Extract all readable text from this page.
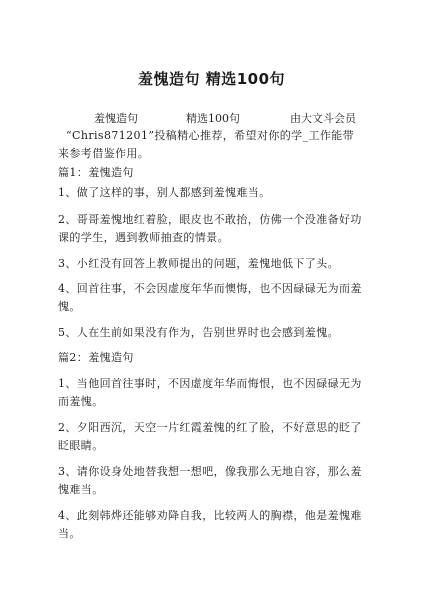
羞愧造句 精选100句
羞愧造句	精选100句	由大文斗会员

“Chris871201”投稿精心推荐，希望对你的学_工作能带来参考借鉴作用。

篇1：羞愧造句

1、做了这样的事，别人都感到羞愧难当。

2、哥哥羞愧地红着脸，眼皮也不敢抬，仿佛一个没准备好功课的学生，遇到教师抽查的情景。

3、小红没有回答上教师提出的问题，羞愧地低下了头。

4、回首往事，不会因虚度年华而懊悔，也不因碌碌无为而羞愧。

5、人在生前如果没有作为，告别世界时也会感到羞愧。

篇2：羞愧造句

1、当他回首往事时，不因虚度年华而悔恨，也不因碌碌无为而羞愧。

2、夕阳西沉，天空一片红霞羞愧的红了脸，不好意思的眨了眨眼睛。

3、请你设身处地替我想一想吧，像我那么无地自容，那么羞愧难当。

4、此刻韩烨还能够劝降自我，比较两人的胸襟，他是羞愧难当。
